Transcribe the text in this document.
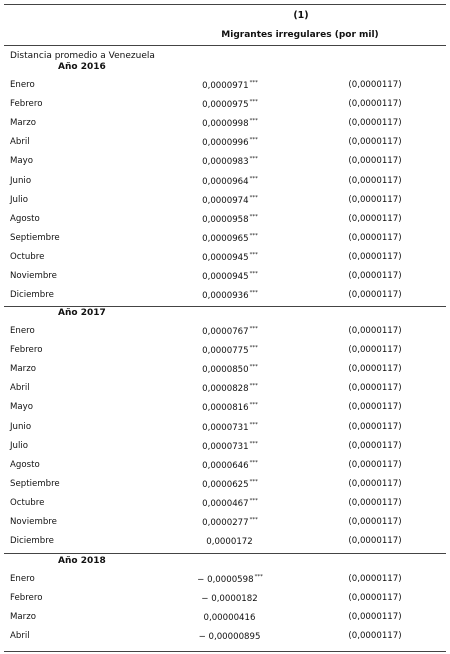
(1)
Migrantes irregulares (por mil)
Distancia promedio a Venezuela
Año 2016
Enero	0,0000971***	(0,0000117)
Febrero	0,0000975***	(0,0000117)
Marzo	0,0000998***	(0,0000117)
Abril	0,0000996***	(0,0000117)
Mayo	0,0000983***	(0,0000117)
Junio	0,0000964***	(0,0000117)
Julio	0,0000974***	(0,0000117)
Agosto	0,0000958***	(0,0000117)
Septiembre	0,0000965***	(0,0000117)
Octubre	0,0000945***	(0,0000117)
Noviembre	0,0000945***	(0,0000117)
Diciembre	0,0000936***	(0,0000117)
Año 2017
Enero	0,0000767***	(0,0000117)
Febrero	0,0000775***	(0,0000117)
Marzo	0,0000850***	(0,0000117)
Abril	0,0000828***	(0,0000117)
Mayo	0,0000816***	(0,0000117)
Junio	0,0000731***	(0,0000117)
Julio	0,0000731***	(0,0000117)
Agosto	0,0000646***	(0,0000117)
Septiembre	0,0000625***	(0,0000117)
Octubre	0,0000467***	(0,0000117)
Noviembre	0,0000277***	(0,0000117)
Diciembre	0,0000172	(0,0000117)
Año 2018
Enero	− 0,0000598***	(0,0000117)
Febrero	− 0,0000182	(0,0000117)
Marzo	0,00000416	(0,0000117)
Abril	− 0,00000895	(0,0000117)
